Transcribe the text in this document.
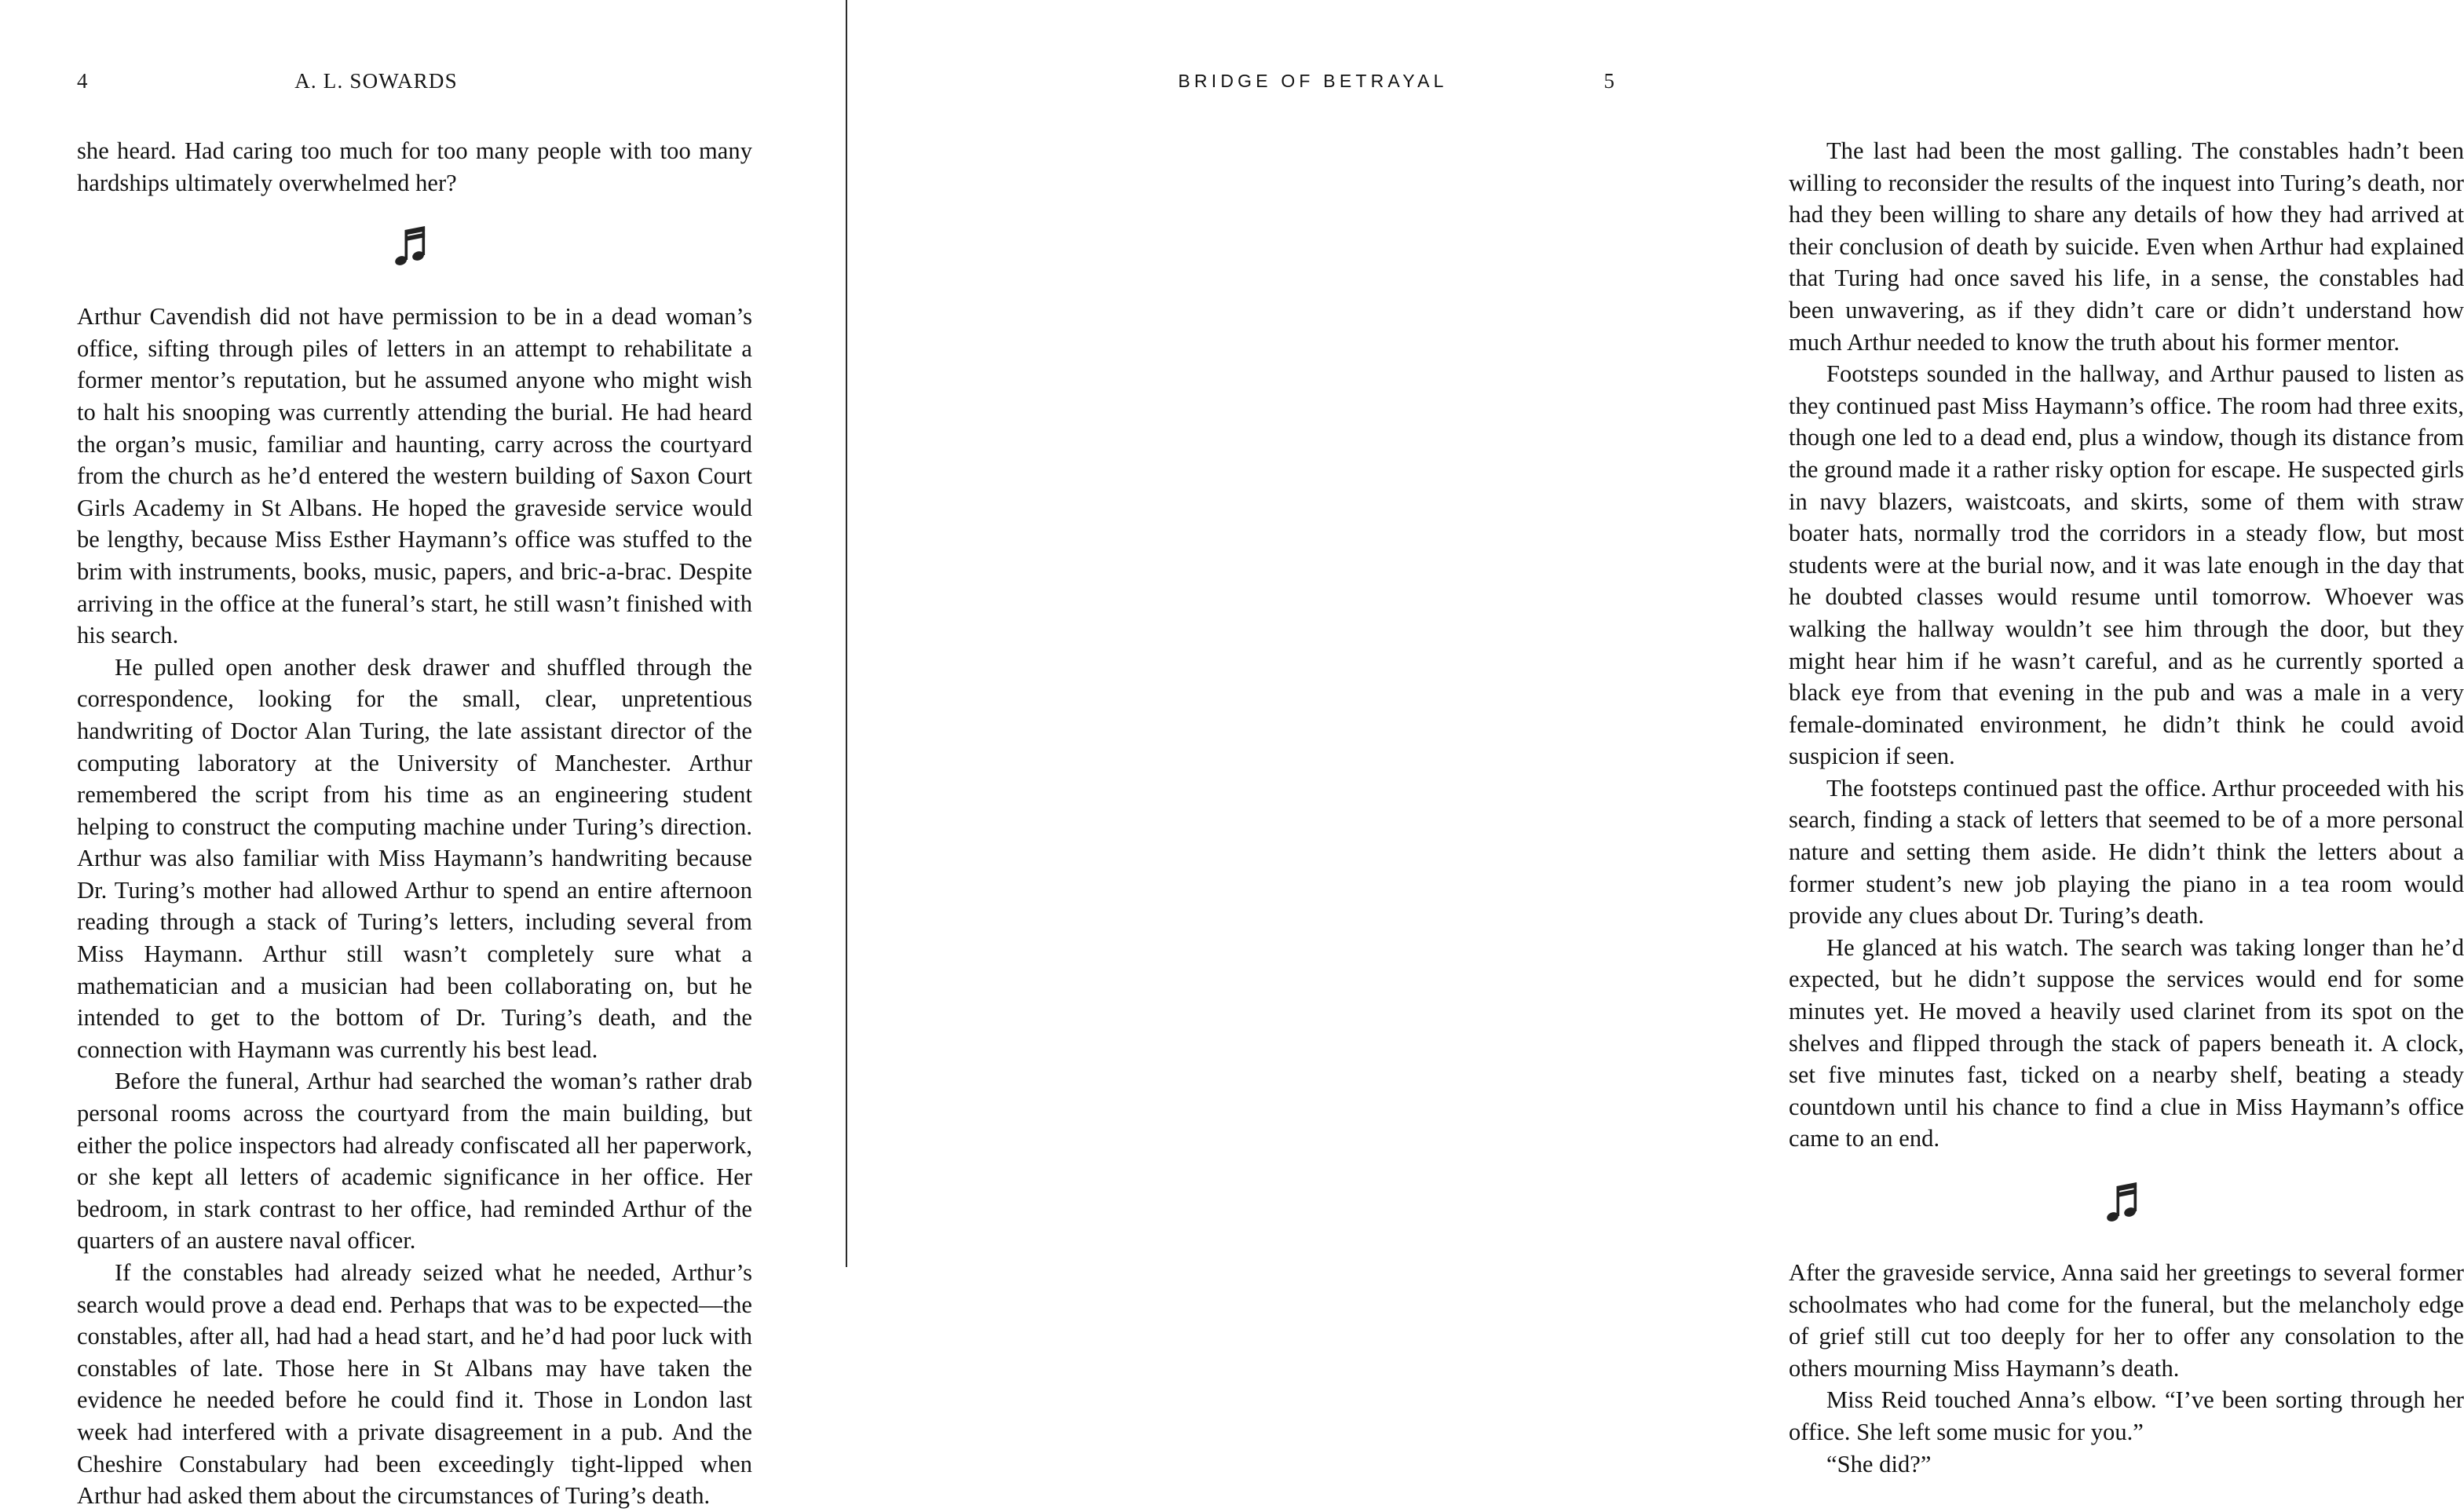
4	A. L. SOWARDS

she heard. Had caring too much for too many people with too many hardships ultimately overwhelmed her?

Arthur Cavendish did not have permission to be in a dead woman’s office, sifting through piles of letters in an attempt to rehabilitate a former mentor’s reputation, but he assumed anyone who might wish to halt his snooping was currently attending the burial. He had heard the organ’s music, familiar and haunting, carry across the courtyard from the church as he’d entered the western building of Saxon Court Girls Academy in St Albans. He hoped the graveside service would be lengthy, because Miss Esther Haymann’s office was stuffed to the brim with instruments, books, music, papers, and bric-a-brac. Despite arriving in the office at the funeral’s start, he still wasn’t finished with his search.

He pulled open another desk drawer and shuffled through the correspondence, looking for the small, clear, unpretentious handwriting of Doctor Alan Turing, the late assistant director of the computing laboratory at the University of Manchester. Arthur remembered the script from his time as an engineering student helping to construct the computing machine under Turing’s direction. Arthur was also familiar with Miss Haymann’s handwriting because Dr. Turing’s mother had allowed Arthur to spend an entire afternoon reading through a stack of Turing’s letters, including several from Miss Haymann. Arthur still wasn’t completely sure what a mathematician and a musician had been collaborating on, but he intended to get to the bottom of Dr. Turing’s death, and the connection with Haymann was currently his best lead.

Before the funeral, Arthur had searched the woman’s rather drab personal rooms across the courtyard from the main building, but either the police inspectors had already confiscated all her paperwork, or she kept all letters of academic significance in her office. Her bedroom, in stark contrast to her office, had reminded Arthur of the quarters of an austere naval officer.

If the constables had already seized what he needed, Arthur’s search would prove a dead end. Perhaps that was to be expected—the constables, after all, had had a head start, and he’d had poor luck with constables of late. Those here in St Albans may have taken the evidence he needed before he could find it. Those in London last week had interfered with a private disagreement in a pub. And the Cheshire Constabulary had been exceedingly tight-lipped when Arthur had asked them about the circumstances of Turing’s death.

BRIDGE OF BETRAYAL	5

The last had been the most galling. The constables hadn’t been willing to reconsider the results of the inquest into Turing’s death, nor had they been willing to share any details of how they had arrived at their conclusion of death by suicide. Even when Arthur had explained that Turing had once saved his life, in a sense, the constables had been unwavering, as if they didn’t care or didn’t understand how much Arthur needed to know the truth about his former mentor.

Footsteps sounded in the hallway, and Arthur paused to listen as they continued past Miss Haymann’s office. The room had three exits, though one led to a dead end, plus a window, though its distance from the ground made it a rather risky option for escape. He suspected girls in navy blazers, waistcoats, and skirts, some of them with straw boater hats, normally trod the corridors in a steady flow, but most students were at the burial now, and it was late enough in the day that he doubted classes would resume until tomorrow. Whoever was walking the hallway wouldn’t see him through the door, but they might hear him if he wasn’t careful, and as he currently sported a black eye from that evening in the pub and was a male in a very female-dominated environment, he didn’t think he could avoid suspicion if seen.

The footsteps continued past the office. Arthur proceeded with his search, finding a stack of letters that seemed to be of a more personal nature and setting them aside. He didn’t think the letters about a former student’s new job playing the piano in a tea room would provide any clues about Dr. Turing’s death.

He glanced at his watch. The search was taking longer than he’d expected, but he didn’t suppose the services would end for some minutes yet. He moved a heavily used clarinet from its spot on the shelves and flipped through the stack of papers beneath it. A clock, set five minutes fast, ticked on a nearby shelf, beating a steady countdown until his chance to find a clue in Miss Haymann’s office came to an end.

After the graveside service, Anna said her greetings to several former schoolmates who had come for the funeral, but the melancholy edge of grief still cut too deeply for her to offer any consolation to the others mourning Miss Haymann’s death.

Miss Reid touched Anna’s elbow. “I’ve been sorting through her office. She left some music for you.”

“She did?”
